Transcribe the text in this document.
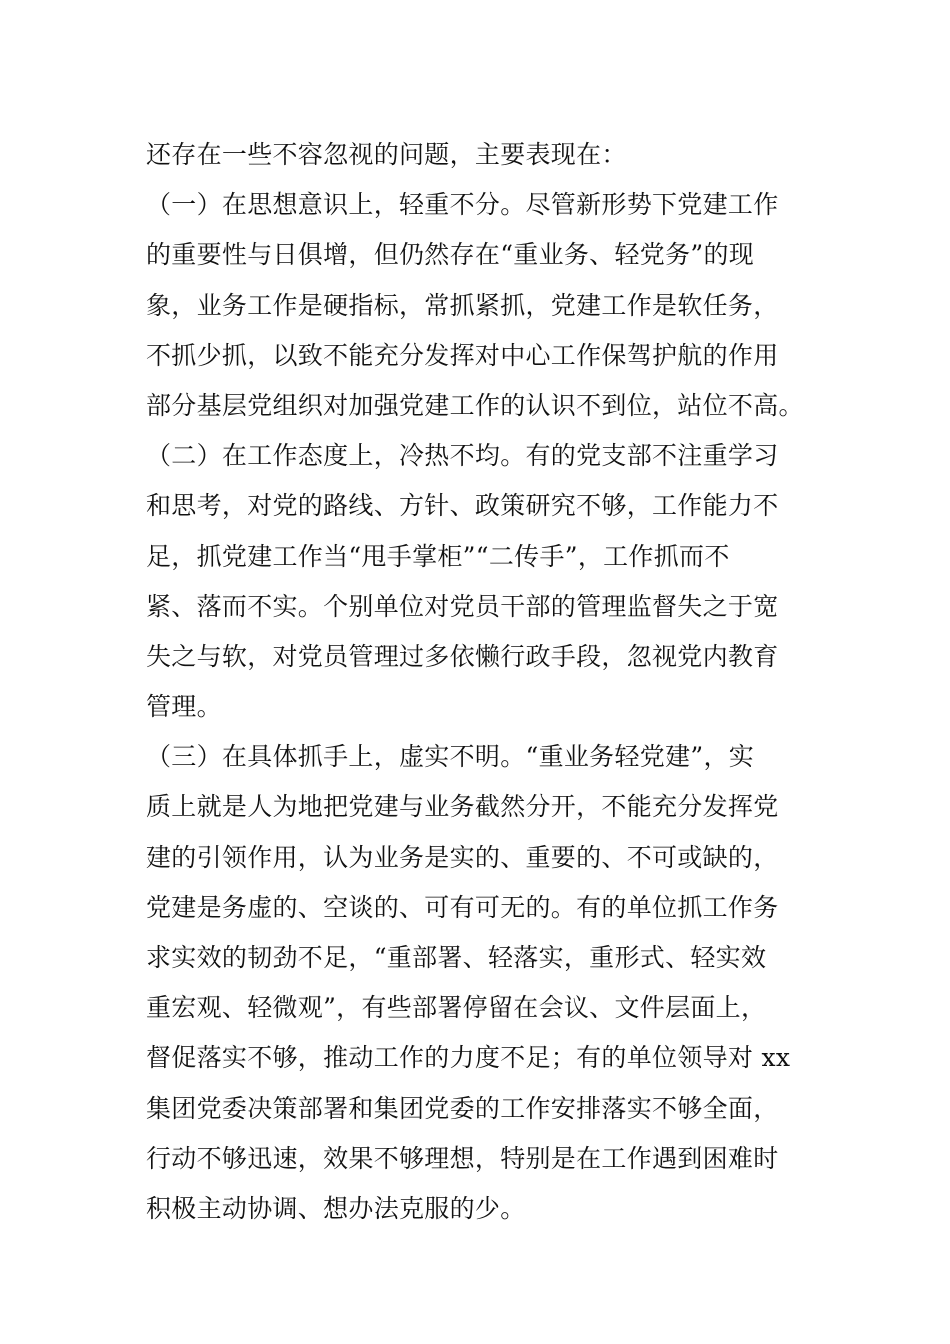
还存在一些不容忽视的问题，主要表现在：

（一）在思想意识上，轻重不分。尽管新形势下党建工作

的重要性与日俱增，但仍然存在“重业务、轻党务”的现

象，业务工作是硬指标，常抓紧抓，党建工作是软任务，

不抓少抓，以致不能充分发挥对中心工作保驾护航的作用

部分基层党组织对加强党建工作的认识不到位，站位不高。

（二）在工作态度上，冷热不均。有的党支部不注重学习

和思考，对党的路线、方针、政策研究不够，工作能力不

足，抓党建工作当“甩手掌柜”“二传手”，工作抓而不

紧、落而不实。个别单位对党员干部的管理监督失之于宽

失之与软，对党员管理过多依懒行政手段，忽视党内教育

管理。

（三）在具体抓手上，虚实不明。“重业务轻党建”，实

质上就是人为地把党建与业务截然分开，不能充分发挥党

建的引领作用，认为业务是实的、重要的、不可或缺的，

党建是务虚的、空谈的、可有可无的。有的单位抓工作务

求实效的韧劲不足，“重部署、轻落实，重形式、轻实效

重宏观、轻微观”，有些部署停留在会议、文件层面上，

督促落实不够，推动工作的力度不足；有的单位领导对 xx

集团党委决策部署和集团党委的工作安排落实不够全面，

行动不够迅速，效果不够理想，特别是在工作遇到困难时

积极主动协调、想办法克服的少。
